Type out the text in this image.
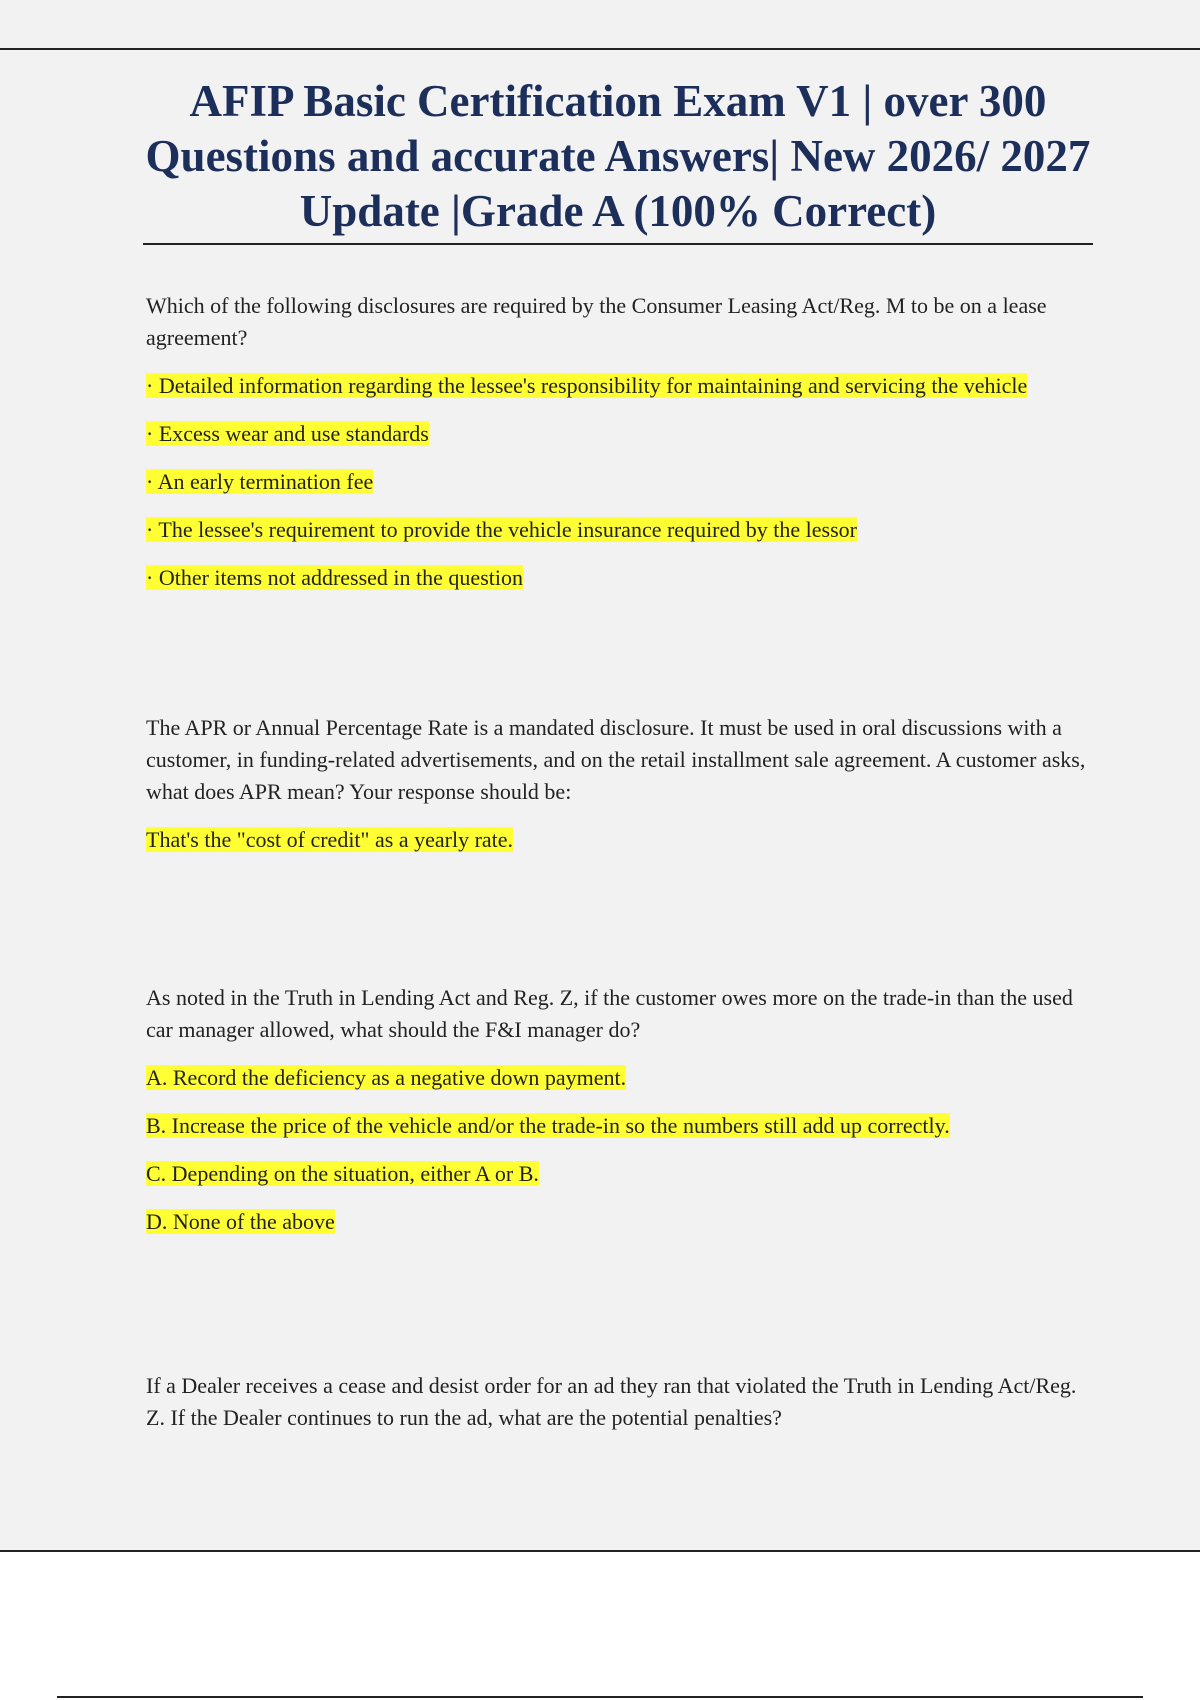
AFIP Basic Certification Exam V1 | over 300 Questions and accurate Answers| New 2026/ 2027 Update |Grade A (100% Correct)

Which of the following disclosures are required by the Consumer Leasing Act/Reg. M to be on a lease agreement?

· Detailed information regarding the lessee's responsibility for maintaining and servicing the vehicle

· Excess wear and use standards

· An early termination fee

· The lessee's requirement to provide the vehicle insurance required by the lessor

· Other items not addressed in the question

The APR or Annual Percentage Rate is a mandated disclosure. It must be used in oral discussions with a customer, in funding-related advertisements, and on the retail installment sale agreement. A customer asks, what does APR mean? Your response should be:

That's the "cost of credit" as a yearly rate.

As noted in the Truth in Lending Act and Reg. Z, if the customer owes more on the trade-in than the used car manager allowed, what should the F&I manager do?

A. Record the deficiency as a negative down payment.

B. Increase the price of the vehicle and/or the trade-in so the numbers still add up correctly.

C. Depending on the situation, either A or B.

D. None of the above

If a Dealer receives a cease and desist order for an ad they ran that violated the Truth in Lending Act/Reg. Z. If the Dealer continues to run the ad, what are the potential penalties?
